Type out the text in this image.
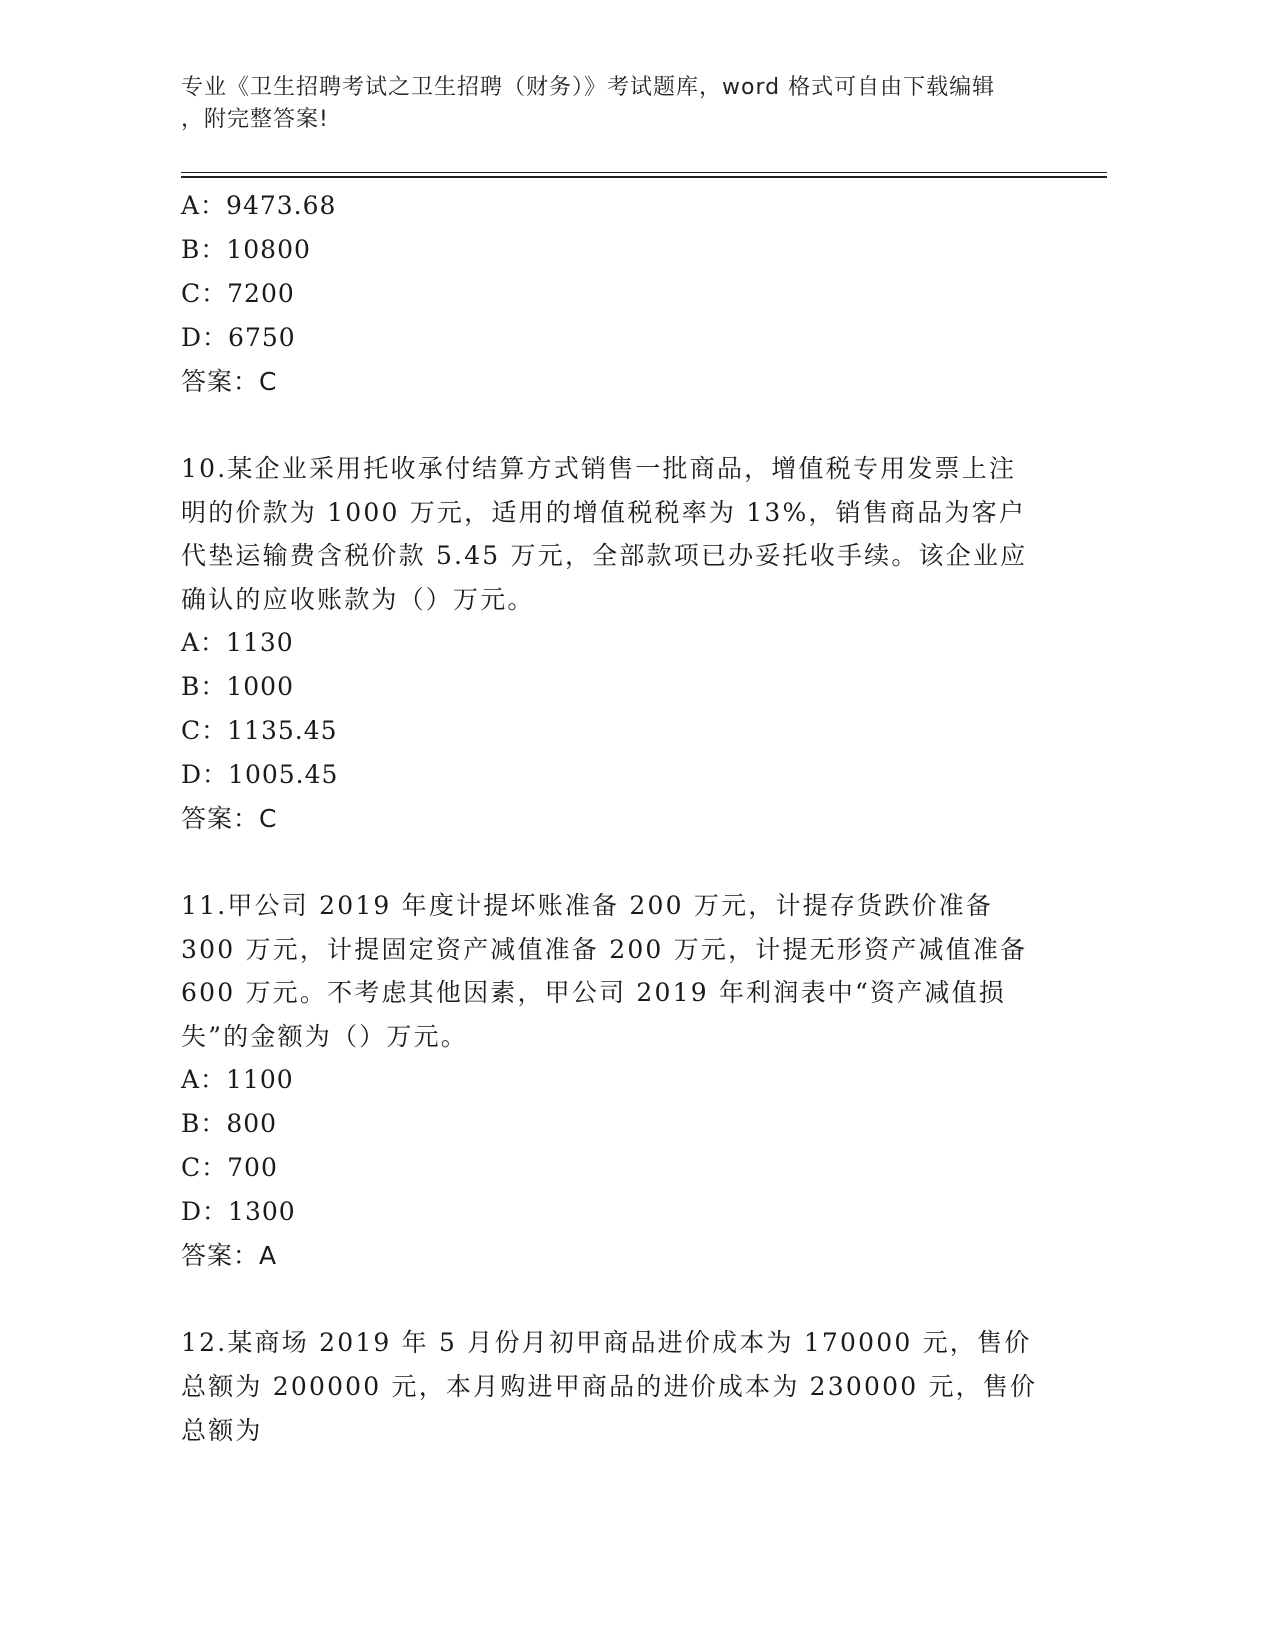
专业《卫生招聘考试之卫生招聘（财务）》考试题库，word 格式可自由下载编辑
，附完整答案!
A：9473.68
B：10800
C：7200
D：6750
答案：C
10.某企业采用托收承付结算方式销售一批商品，增值税专用发票上注明的价款为 1000 万元，适用的增值税税率为 13%，销售商品为客户代垫运输费含税价款 5.45 万元，全部款项已办妥托收手续。该企业应确认的应收账款为（）万元。
A：1130
B：1000
C：1135.45
D：1005.45
答案：C
11.甲公司 2019 年度计提坏账准备 200 万元，计提存货跌价准备 300 万元，计提固定资产减值准备 200 万元，计提无形资产减值准备 600 万元。不考虑其他因素，甲公司 2019 年利润表中“资产减值损失”的金额为（）万元。
A：1100
B：800
C：700
D：1300
答案：A
12.某商场 2019 年 5 月份月初甲商品进价成本为 170000 元，售价总额为 200000 元，本月购进甲商品的进价成本为 230000 元，售价总额为
